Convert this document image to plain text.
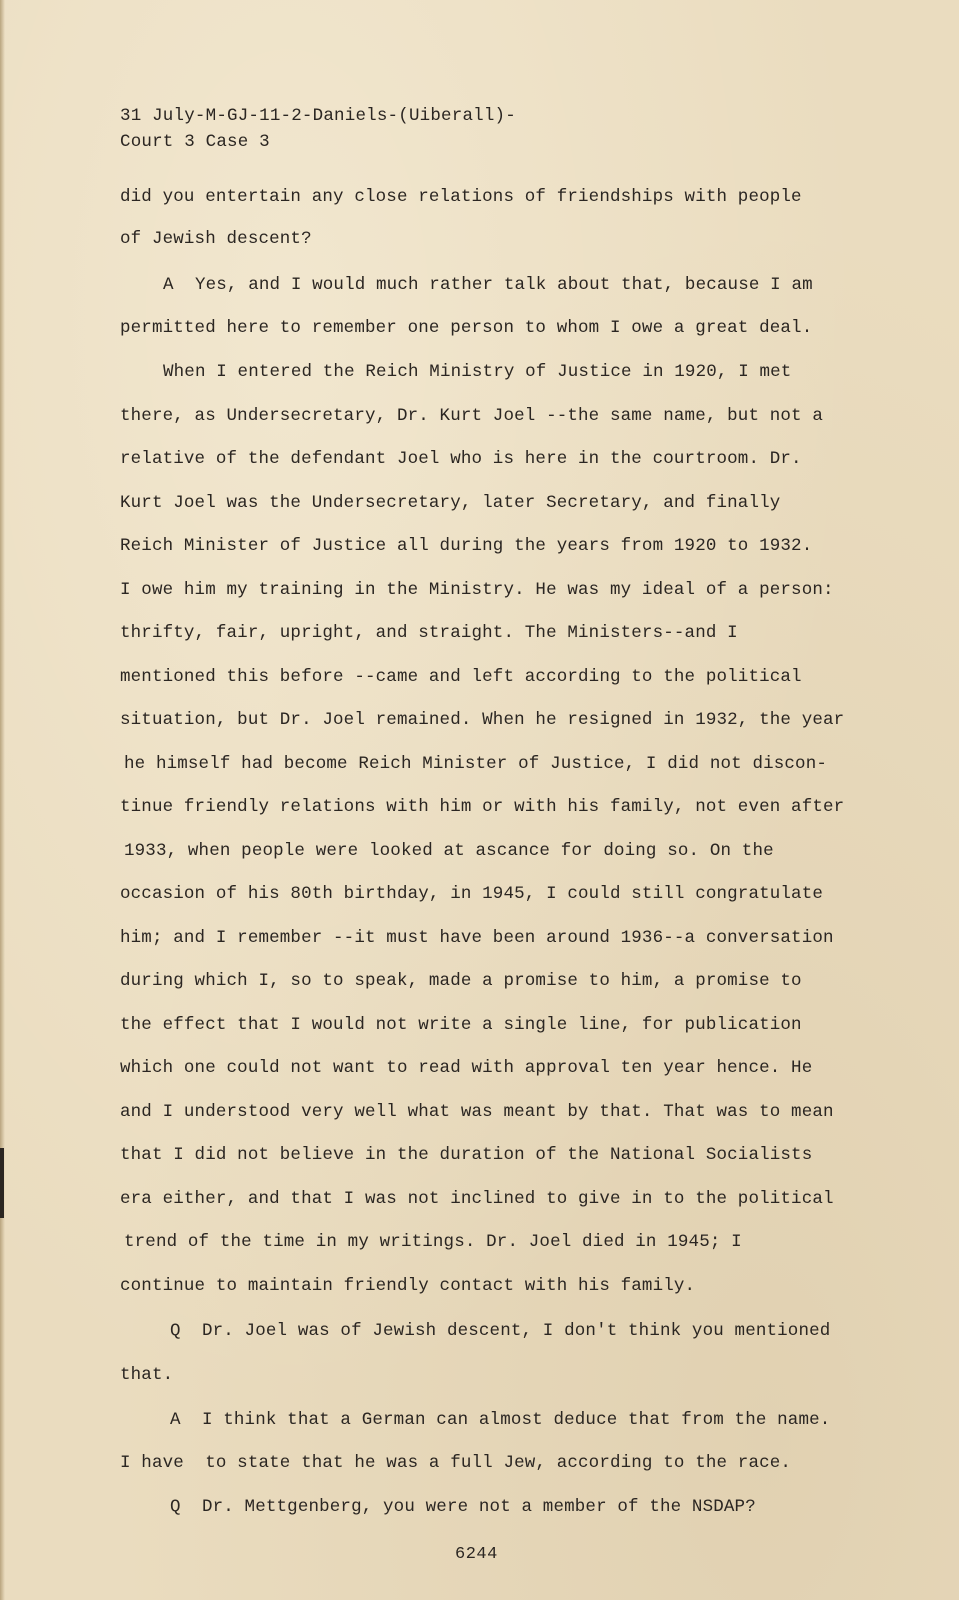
31 July-M-GJ-11-2-Daniels-(Uiberall)-
Court 3 Case 3
did you entertain any close relations of friendships with people
of Jewish descent?
A  Yes, and I would much rather talk about that, because I am
permitted here to remember one person to whom I owe a great deal.
When I entered the Reich Ministry of Justice in 1920, I met
there, as Undersecretary, Dr. Kurt Joel --the same name, but not a
relative of the defendant Joel who is here in the courtroom. Dr.
Kurt Joel was the Undersecretary, later Secretary, and finally
Reich Minister of Justice all during the years from 1920 to 1932.
I owe him my training in the Ministry. He was my ideal of a person:
thrifty, fair, upright, and straight. The Ministers--and I
mentioned this before --came and left according to the political
situation, but Dr. Joel remained. When he resigned in 1932, the year
he himself had become Reich Minister of Justice, I did not discon-
tinue friendly relations with him or with his family, not even after
1933, when people were looked at ascance for doing so. On the
occasion of his 80th birthday, in 1945, I could still congratulate
him; and I remember --it must have been around 1936--a conversation
during which I, so to speak, made a promise to him, a promise to
the effect that I would not write a single line, for publication
which one could not want to read with approval ten year hence. He
and I understood very well what was meant by that. That was to mean
that I did not believe in the duration of the National Socialists
era either, and that I was not inclined to give in to the political
trend of the time in my writings. Dr. Joel died in 1945; I
continue to maintain friendly contact with his family.
Q  Dr. Joel was of Jewish descent, I don't think you mentioned
that.
A  I think that a German can almost deduce that from the name.
I have  to state that he was a full Jew, according to the race.
Q  Dr. Mettgenberg, you were not a member of the NSDAP?
6244
